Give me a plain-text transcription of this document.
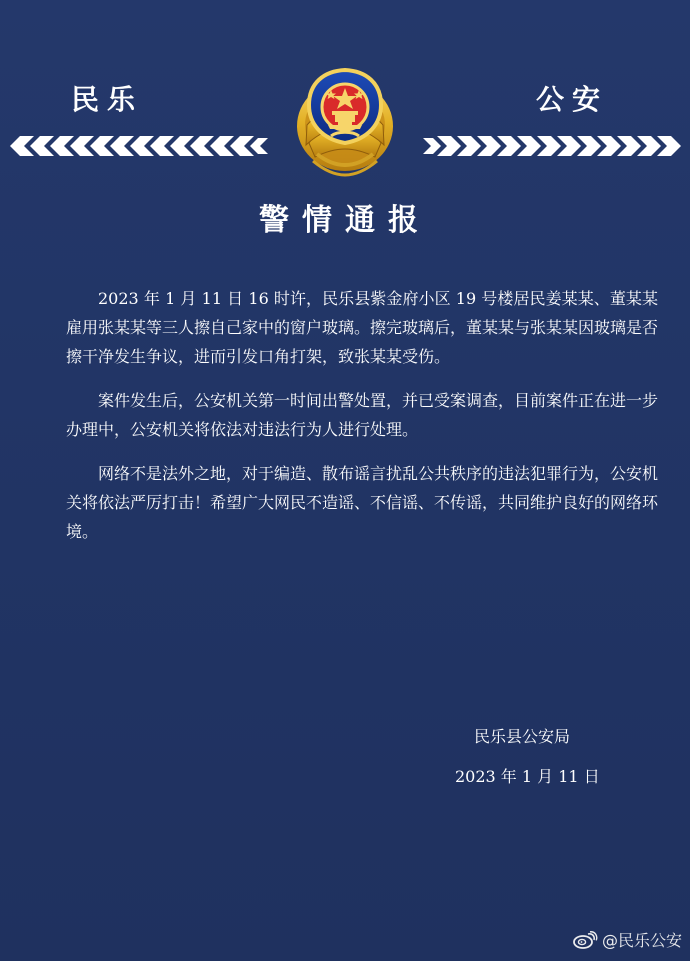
民乐	公安
警情通报

2023 年 1 月 11 日 16 时许，民乐县紫金府小区 19 号楼居民姜某某、董某某雇用张某某等三人擦自己家中的窗户玻璃。擦完玻璃后，董某某与张某某因玻璃是否擦干净发生争议，进而引发口角打架，致张某某受伤。

案件发生后，公安机关第一时间出警处置，并已受案调查，目前案件正在进一步办理中，公安机关将依法对违法行为人进行处理。

网络不是法外之地，对于编造、散布谣言扰乱公共秩序的违法犯罪行为，公安机关将依法严厉打击！希望广大网民不造谣、不信谣、不传谣，共同维护良好的网络环境。

民乐县公安局
2023 年 1 月 11 日
@民乐公安
